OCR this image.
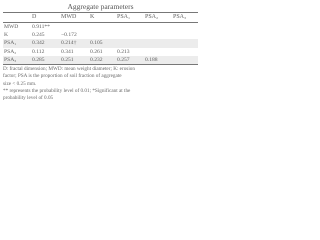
Aggregate parameters
	D	MWD	K	PSA₁	PSA₂	PSA₃

MWD	0.911**					
K	0.245	−0.172				
PSA₁	0.342	0.214†	0.105			
PSA₂	0.112	0.341	0.261	0.213		
PSA₃	0.285	0.251	0.232	0.257	0.188	
D: fractal dimension; MWD: mean weight diameter; K: erosion
factor; PSA is the proportion of soil fraction of aggregate
size < 0.25 mm.
** represents the probability level of 0.01; *Significant at the
probability level of 0.05
